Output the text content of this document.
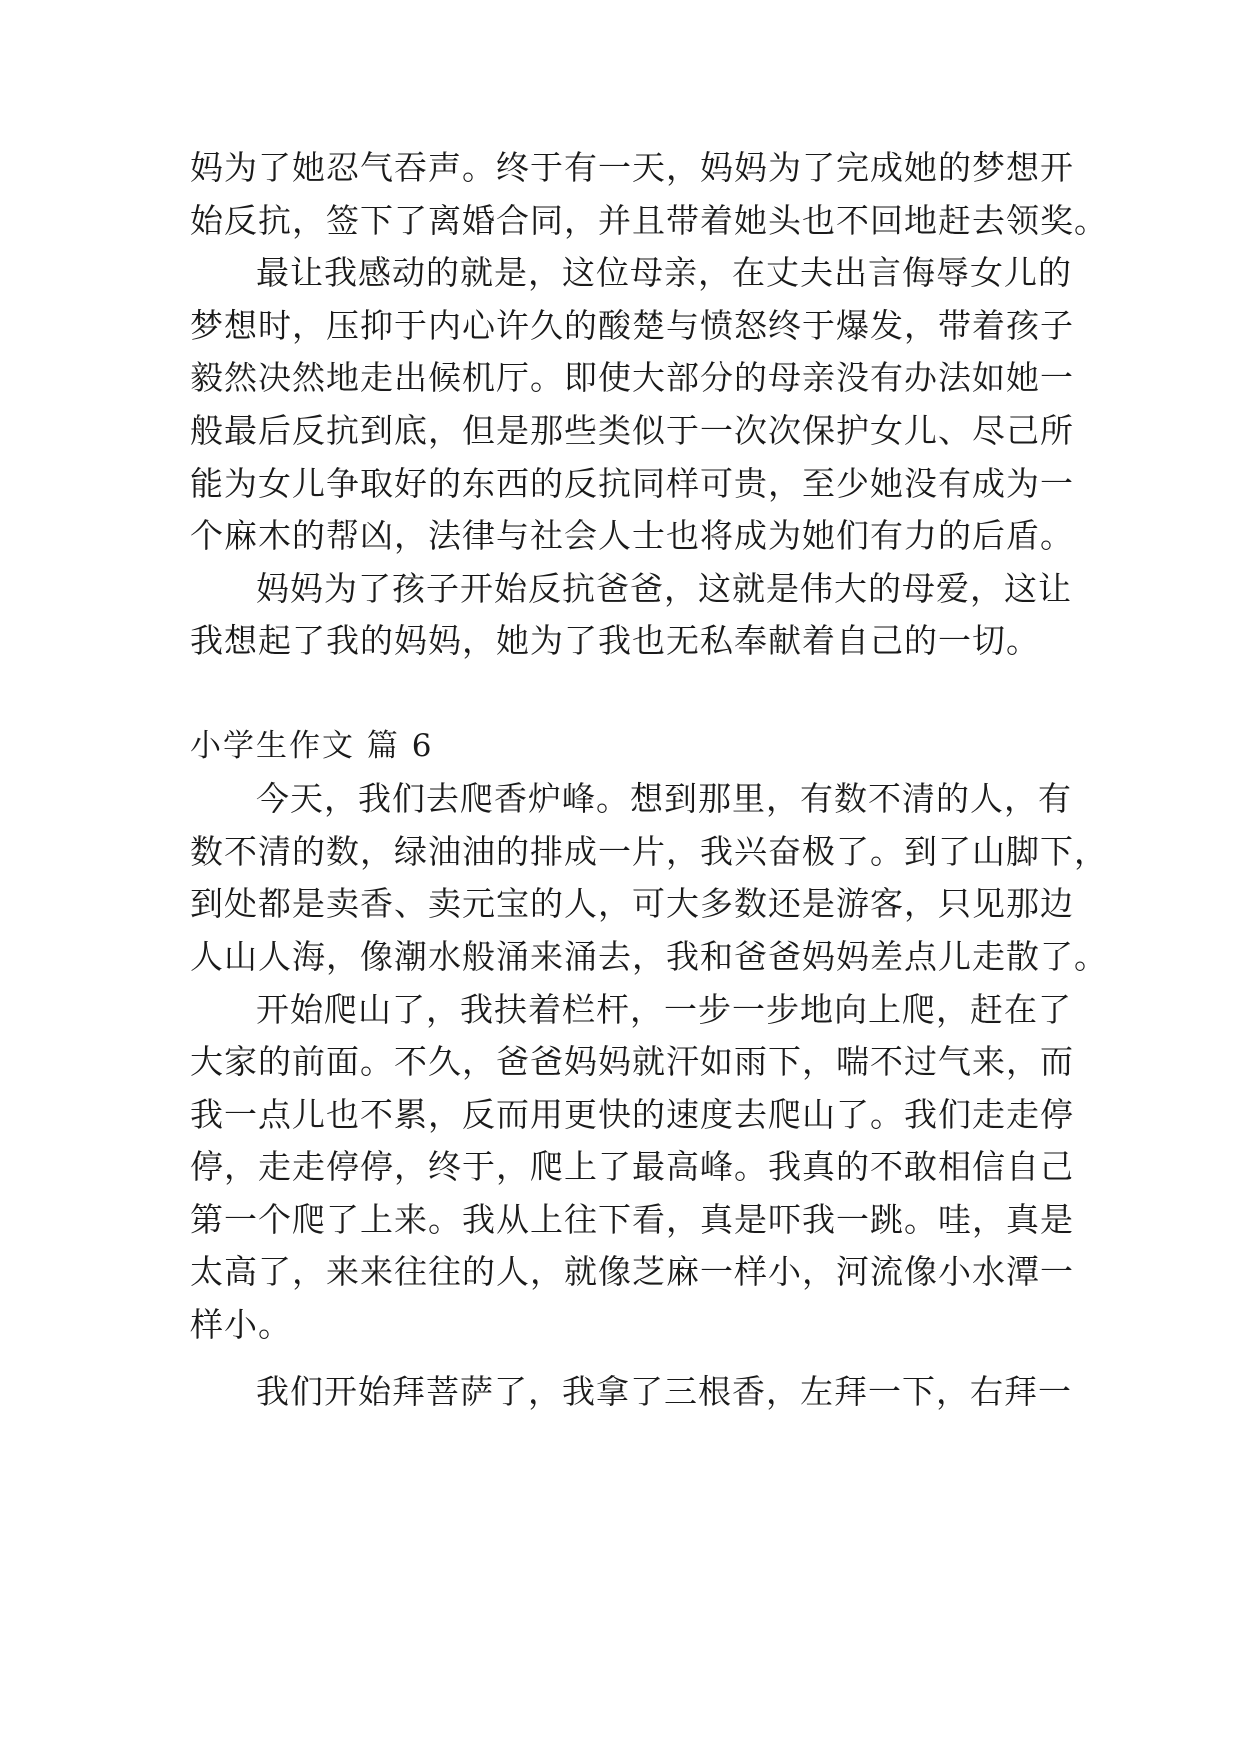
妈为了她忍气吞声。终于有一天，妈妈为了完成她的梦想开
始反抗，签下了离婚合同，并且带着她头也不回地赶去领奖。
最让我感动的就是，这位母亲，在丈夫出言侮辱女儿的
梦想时，压抑于内心许久的酸楚与愤怒终于爆发，带着孩子
毅然决然地走出候机厅。即使大部分的母亲没有办法如她一
般最后反抗到底，但是那些类似于一次次保护女儿、尽己所
能为女儿争取好的东西的反抗同样可贵，至少她没有成为一
个麻木的帮凶，法律与社会人士也将成为她们有力的后盾。
妈妈为了孩子开始反抗爸爸，这就是伟大的母爱，这让
我想起了我的妈妈，她为了我也无私奉献着自己的一切。
小学生作文 篇 6
今天，我们去爬香炉峰。想到那里，有数不清的人，有
数不清的数，绿油油的排成一片，我兴奋极了。到了山脚下，
到处都是卖香、卖元宝的人，可大多数还是游客，只见那边
人山人海，像潮水般涌来涌去，我和爸爸妈妈差点儿走散了。
开始爬山了，我扶着栏杆，一步一步地向上爬，赶在了
大家的前面。不久，爸爸妈妈就汗如雨下，喘不过气来，而
我一点儿也不累，反而用更快的速度去爬山了。我们走走停
停，走走停停，终于，爬上了最高峰。我真的不敢相信自己
第一个爬了上来。我从上往下看，真是吓我一跳。哇，真是
太高了，来来往往的人，就像芝麻一样小，河流像小水潭一
样小。
我们开始拜菩萨了，我拿了三根香，左拜一下，右拜一
